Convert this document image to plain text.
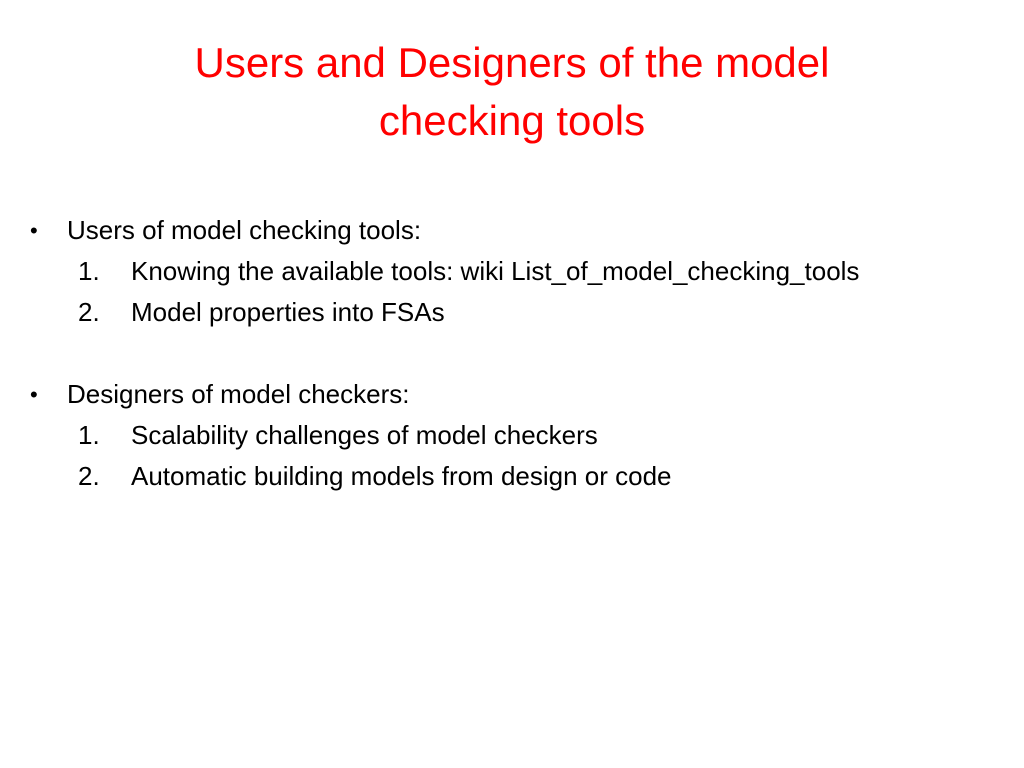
Users and Designers of the model
checking tools
•	Users of model checking tools:
1. Knowing the available tools: wiki List_of_model_checking_tools
2. Model properties into FSAs
•	Designers of model checkers:
1. Scalability challenges of model checkers
2. Automatic building models from design or code
